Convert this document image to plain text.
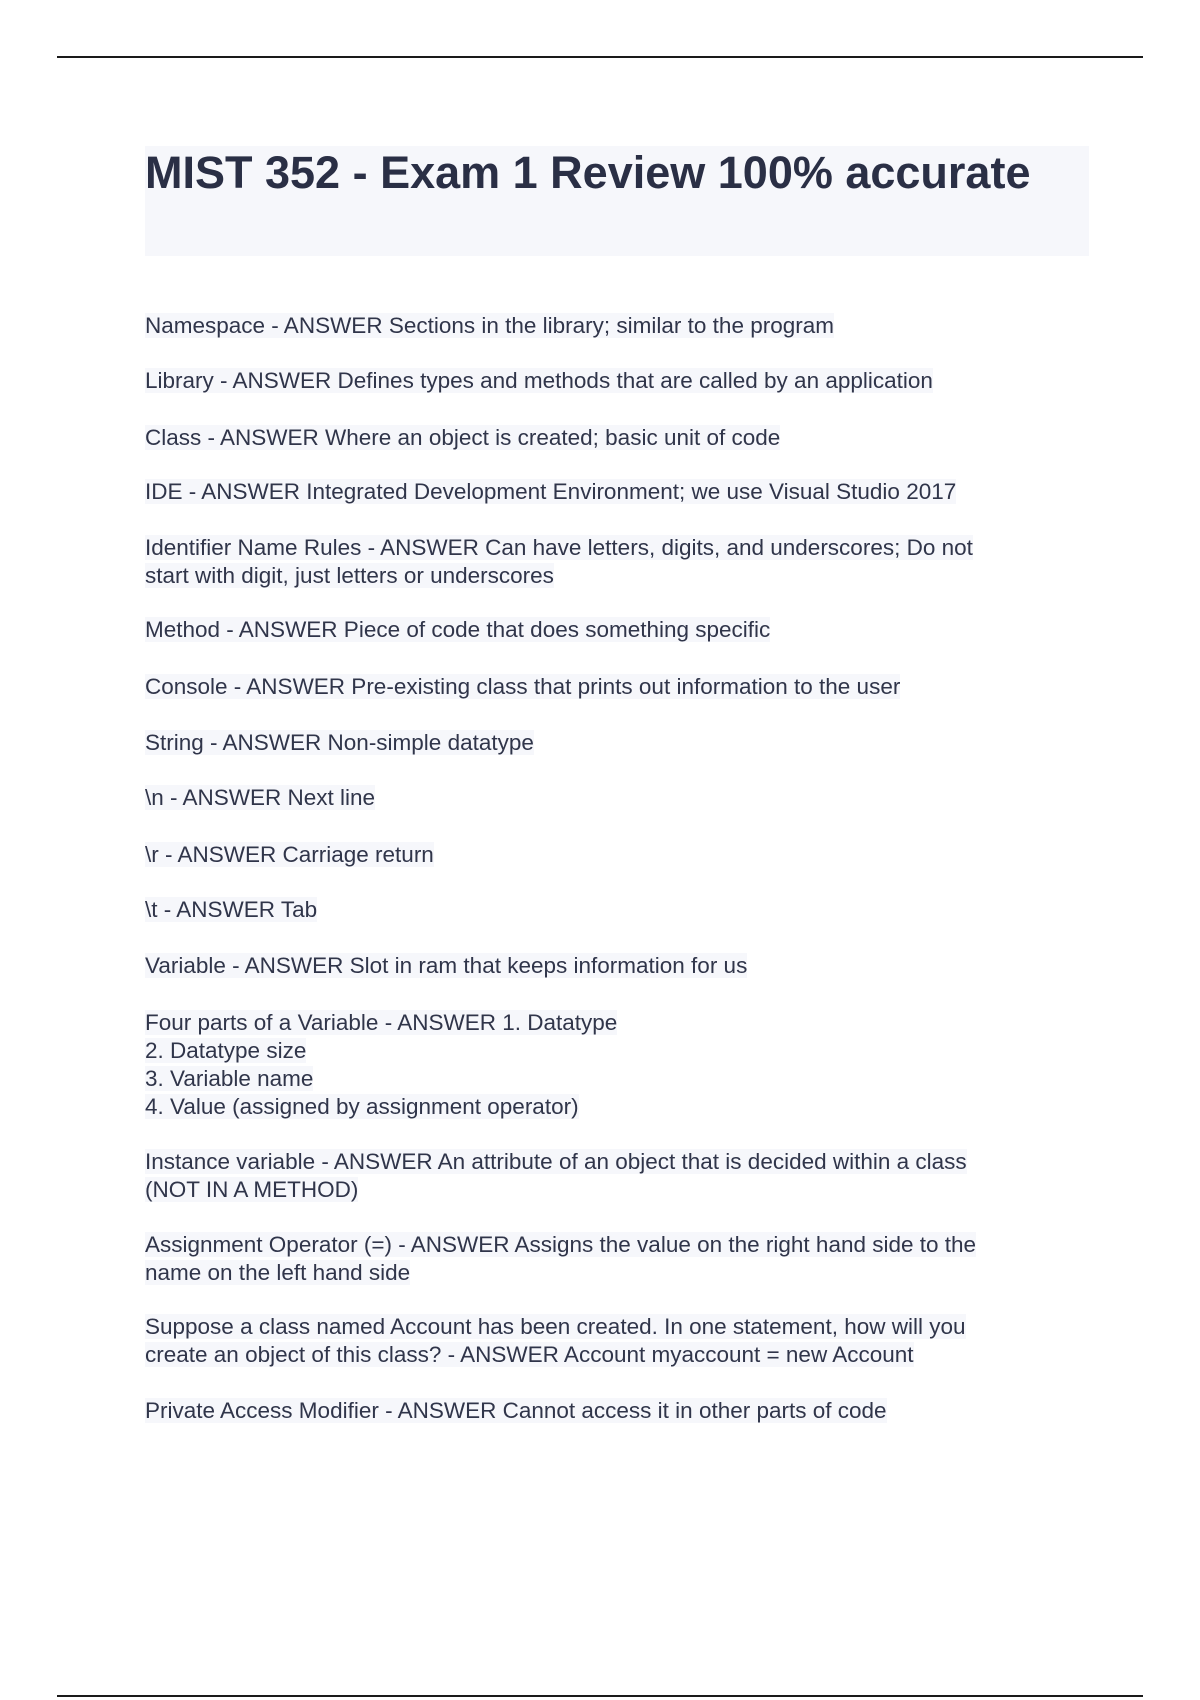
MIST 352 - Exam 1 Review 100% accurate
Namespace - ANSWER Sections in the library; similar to the program
Library - ANSWER Defines types and methods that are called by an application
Class - ANSWER Where an object is created; basic unit of code
IDE - ANSWER Integrated Development Environment; we use Visual Studio 2017
Identifier Name Rules - ANSWER Can have letters, digits, and underscores; Do not
start with digit, just letters or underscores
Method - ANSWER Piece of code that does something specific
Console - ANSWER Pre-existing class that prints out information to the user
String - ANSWER Non-simple datatype
\n - ANSWER Next line
\r - ANSWER Carriage return
\t - ANSWER Tab
Variable - ANSWER Slot in ram that keeps information for us
Four parts of a Variable - ANSWER 1. Datatype
2. Datatype size
3. Variable name
4. Value (assigned by assignment operator)
Instance variable - ANSWER An attribute of an object that is decided within a class
(NOT IN A METHOD)
Assignment Operator (=) - ANSWER Assigns the value on the right hand side to the
name on the left hand side
Suppose a class named Account has been created. In one statement, how will you
create an object of this class? - ANSWER Account myaccount = new Account
Private Access Modifier - ANSWER Cannot access it in other parts of code
